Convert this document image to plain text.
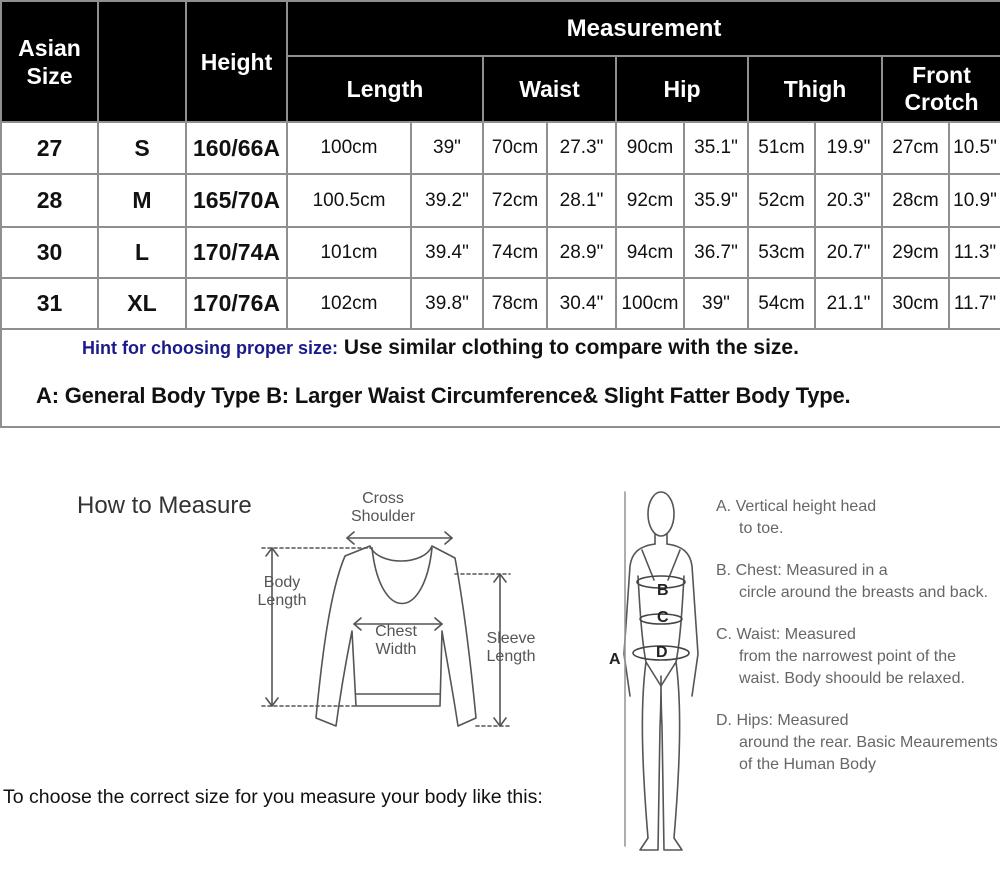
Asian Size		Height	Measurement									
			Length		Waist		Hip		Thigh		Front Crotch	
27	S	160/66A	100cm	39"	70cm	27.3"	90cm	35.1"	51cm	19.9"	27cm	10.5"
28	M	165/70A	100.5cm	39.2"	72cm	28.1"	92cm	35.9"	52cm	20.3"	28cm	10.9"
30	L	170/74A	101cm	39.4"	74cm	28.9"	94cm	36.7"	53cm	20.7"	29cm	11.3"
31	XL	170/76A	102cm	39.8"	78cm	30.4"	100cm	39"	54cm	21.1"	30cm	11.7"

Hint for choosing proper size: Use similar clothing to compare with the size.
A: General Body Type B: Larger Waist Circumference& Slight Fatter Body Type.												
How to Measure	Cross Shoulder
Body Length
Chest Width
Sleeve Length	A
B
C
D
To choose the correct size for you measure your body like this:
A. Vertical height head
to toe.
B. Chest: Measured in a
circle around the breasts and back.
C. Waist: Measured
from the narrowest point of the waist. Body shoould be relaxed.
D. Hips: Measured
around the rear. Basic Meaurements of the Human Body
